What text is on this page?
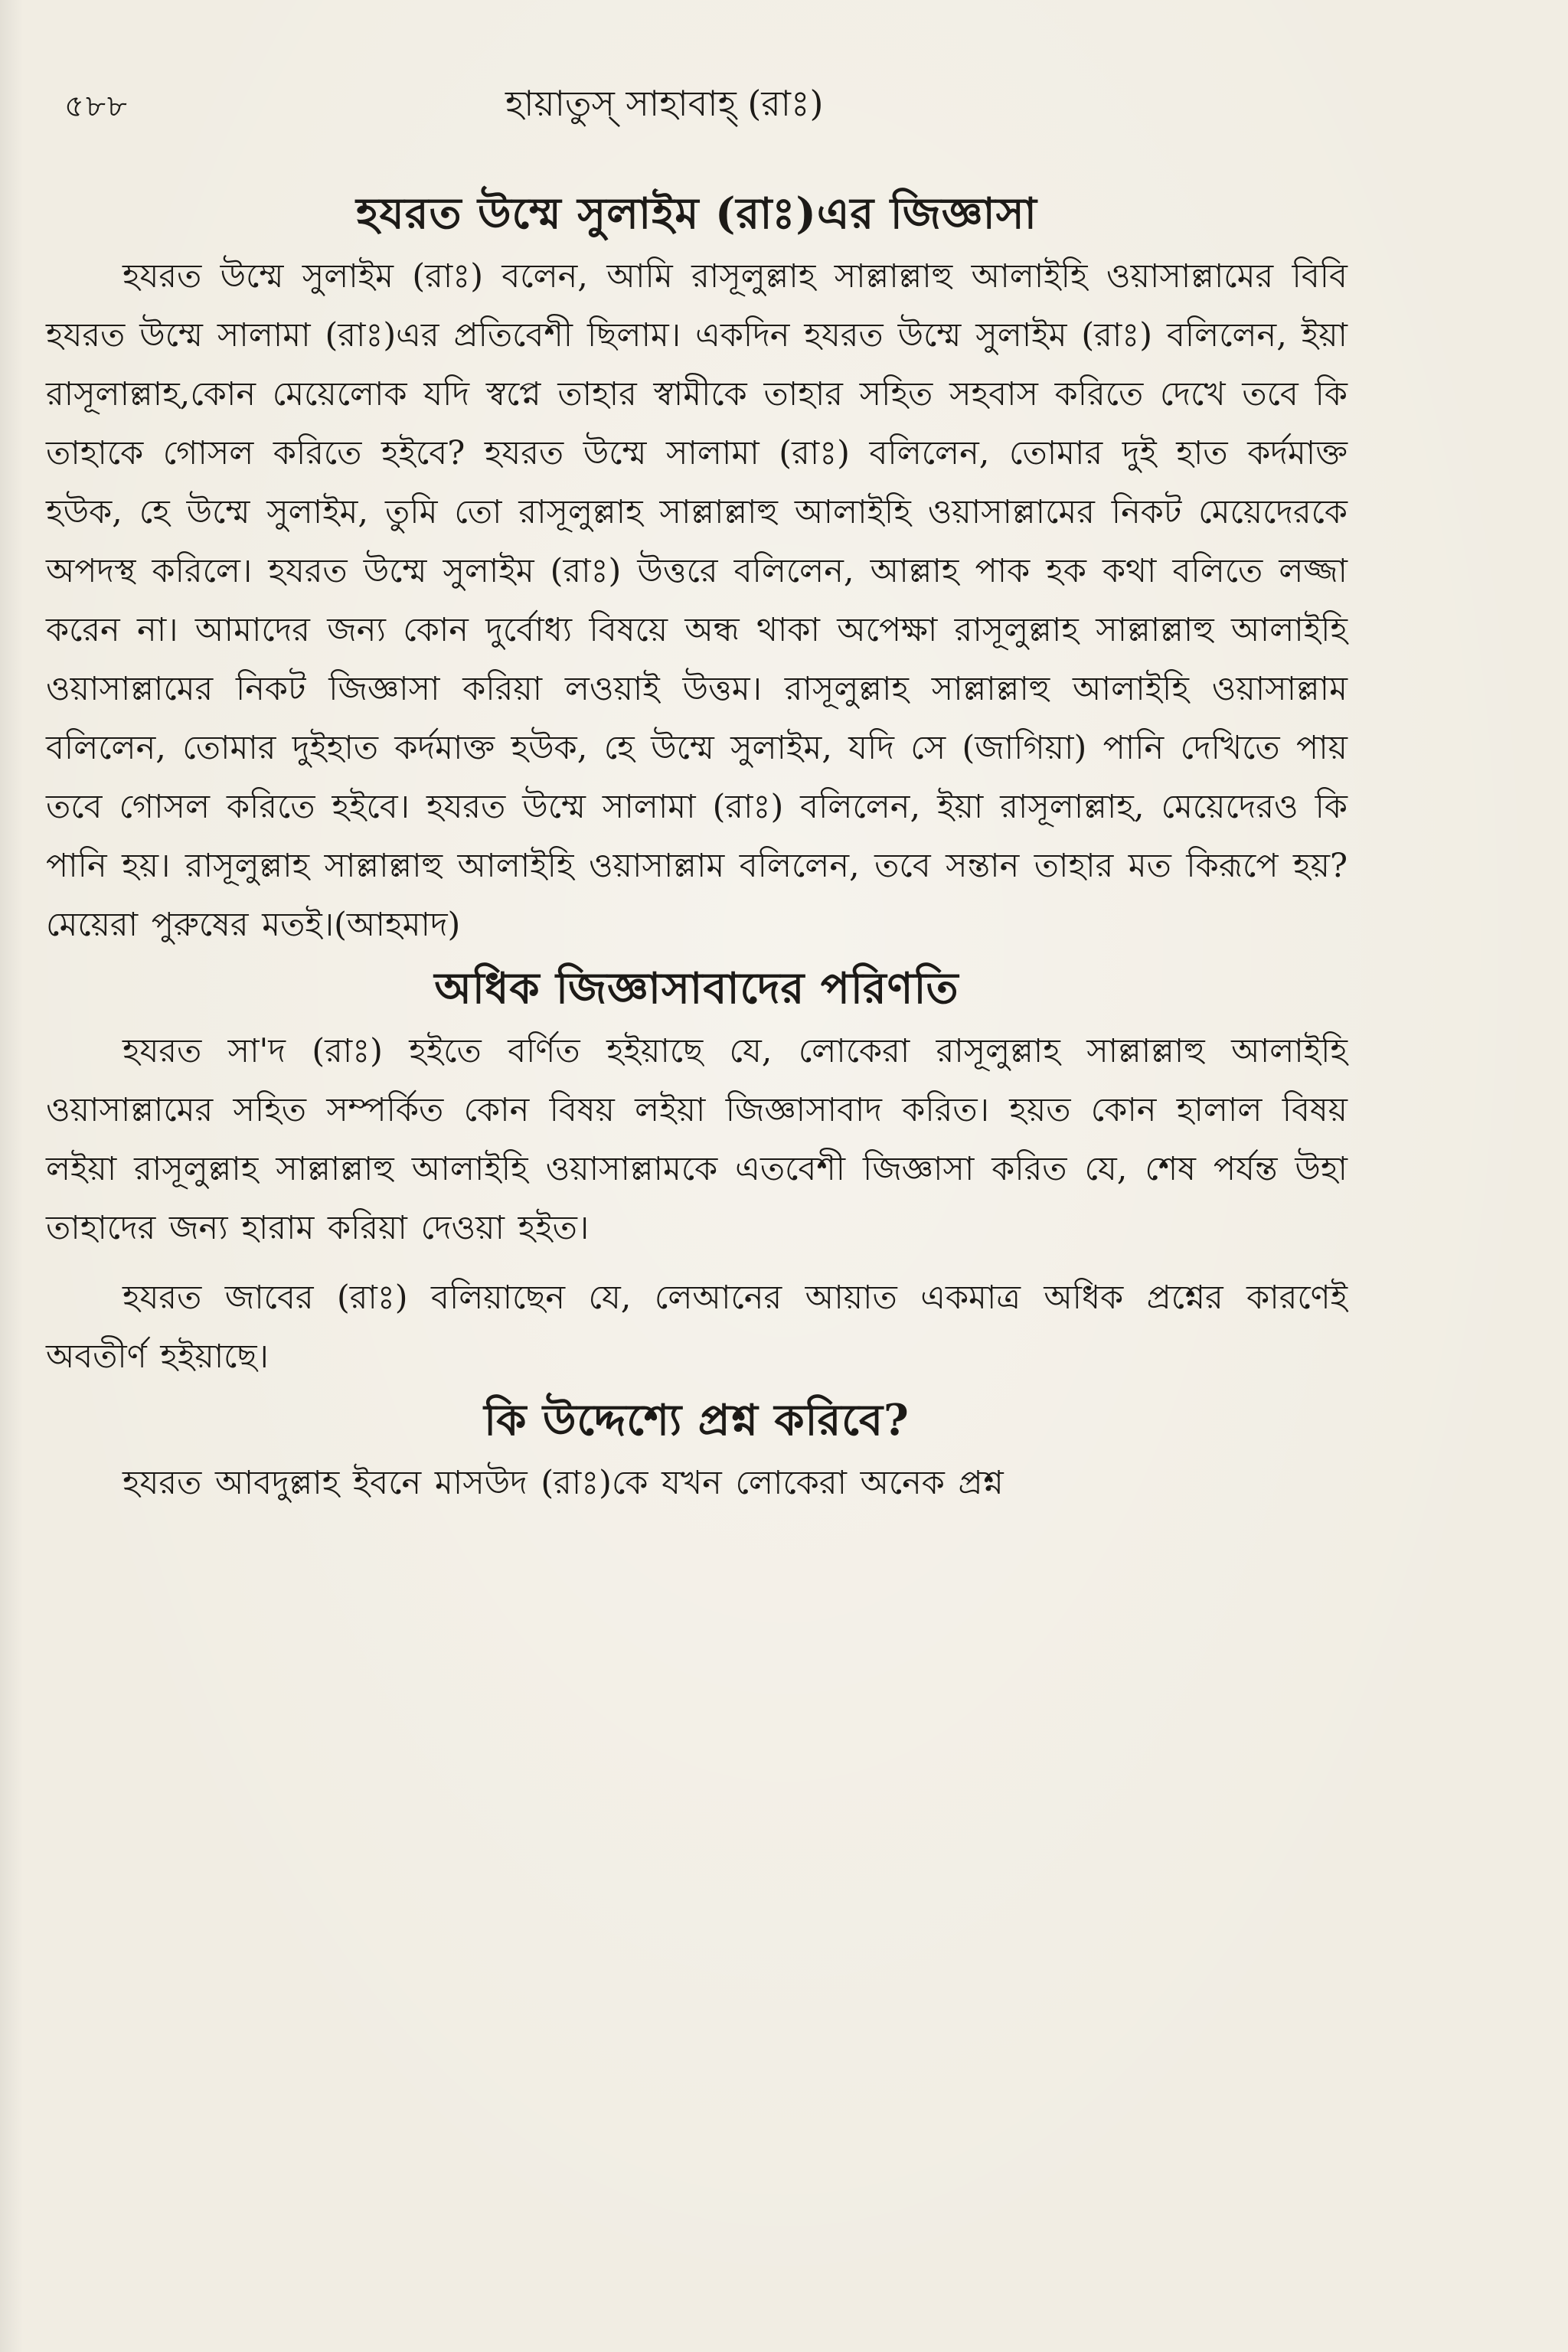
৫৮৮	হায়াতুস্ সাহাবাহ্ (রাঃ)
হযরত উম্মে সুলাইম (রাঃ)এর জিজ্ঞাসা

হযরত উম্মে সুলাইম (রাঃ) বলেন, আমি রাসূলুল্লাহ সাল্লাল্লাহু আলাইহি ওয়াসাল্লামের বিবি হযরত উম্মে সালামা (রাঃ)এর প্রতিবেশী ছিলাম। একদিন হযরত উম্মে সুলাইম (রাঃ) বলিলেন, ইয়া রাসূলাল্লাহ,কোন মেয়েলোক যদি স্বপ্নে তাহার স্বামীকে তাহার সহিত সহবাস করিতে দেখে তবে কি তাহাকে গোসল করিতে হইবে? হযরত উম্মে সালামা (রাঃ) বলিলেন, তোমার দুই হাত কর্দমাক্ত হউক, হে উম্মে সুলাইম, তুমি তো রাসূলুল্লাহ সাল্লাল্লাহু আলাইহি ওয়াসাল্লামের নিকট মেয়েদেরকে অপদস্থ করিলে। হযরত উম্মে সুলাইম (রাঃ) উত্তরে বলিলেন, আল্লাহ পাক হক কথা বলিতে লজ্জা করেন না। আমাদের জন্য কোন দুর্বোধ্য বিষয়ে অন্ধ থাকা অপেক্ষা রাসূলুল্লাহ সাল্লাল্লাহু আলাইহি ওয়াসাল্লামের নিকট জিজ্ঞাসা করিয়া লওয়াই উত্তম। রাসূলুল্লাহ সাল্লাল্লাহু আলাইহি ওয়াসাল্লাম বলিলেন, তোমার দুইহাত কর্দমাক্ত হউক, হে উম্মে সুলাইম, যদি সে (জাগিয়া) পানি দেখিতে পায় তবে গোসল করিতে হইবে। হযরত উম্মে সালামা (রাঃ) বলিলেন, ইয়া রাসূলাল্লাহ, মেয়েদেরও কি পানি হয়। রাসূলুল্লাহ সাল্লাল্লাহু আলাইহি ওয়াসাল্লাম বলিলেন, তবে সন্তান তাহার মত কিরূপে হয়? মেয়েরা পুরুষের মতই।(আহমাদ)

অধিক জিজ্ঞাসাবাদের পরিণতি

হযরত সা'দ (রাঃ) হইতে বর্ণিত হইয়াছে যে, লোকেরা রাসূলুল্লাহ সাল্লাল্লাহু আলাইহি ওয়াসাল্লামের সহিত সম্পর্কিত কোন বিষয় লইয়া জিজ্ঞাসাবাদ করিত। হয়ত কোন হালাল বিষয় লইয়া রাসূলুল্লাহ সাল্লাল্লাহু আলাইহি ওয়াসাল্লামকে এতবেশী জিজ্ঞাসা করিত যে, শেষ পর্যন্ত উহা তাহাদের জন্য হারাম করিয়া দেওয়া হইত।

হযরত জাবের (রাঃ) বলিয়াছেন যে, লেআনের আয়াত একমাত্র অধিক প্রশ্নের কারণেই অবতীর্ণ হইয়াছে।

কি উদ্দেশ্যে প্রশ্ন করিবে?

হযরত আবদুল্লাহ ইবনে মাসউদ (রাঃ)কে যখন লোকেরা অনেক প্রশ্ন
